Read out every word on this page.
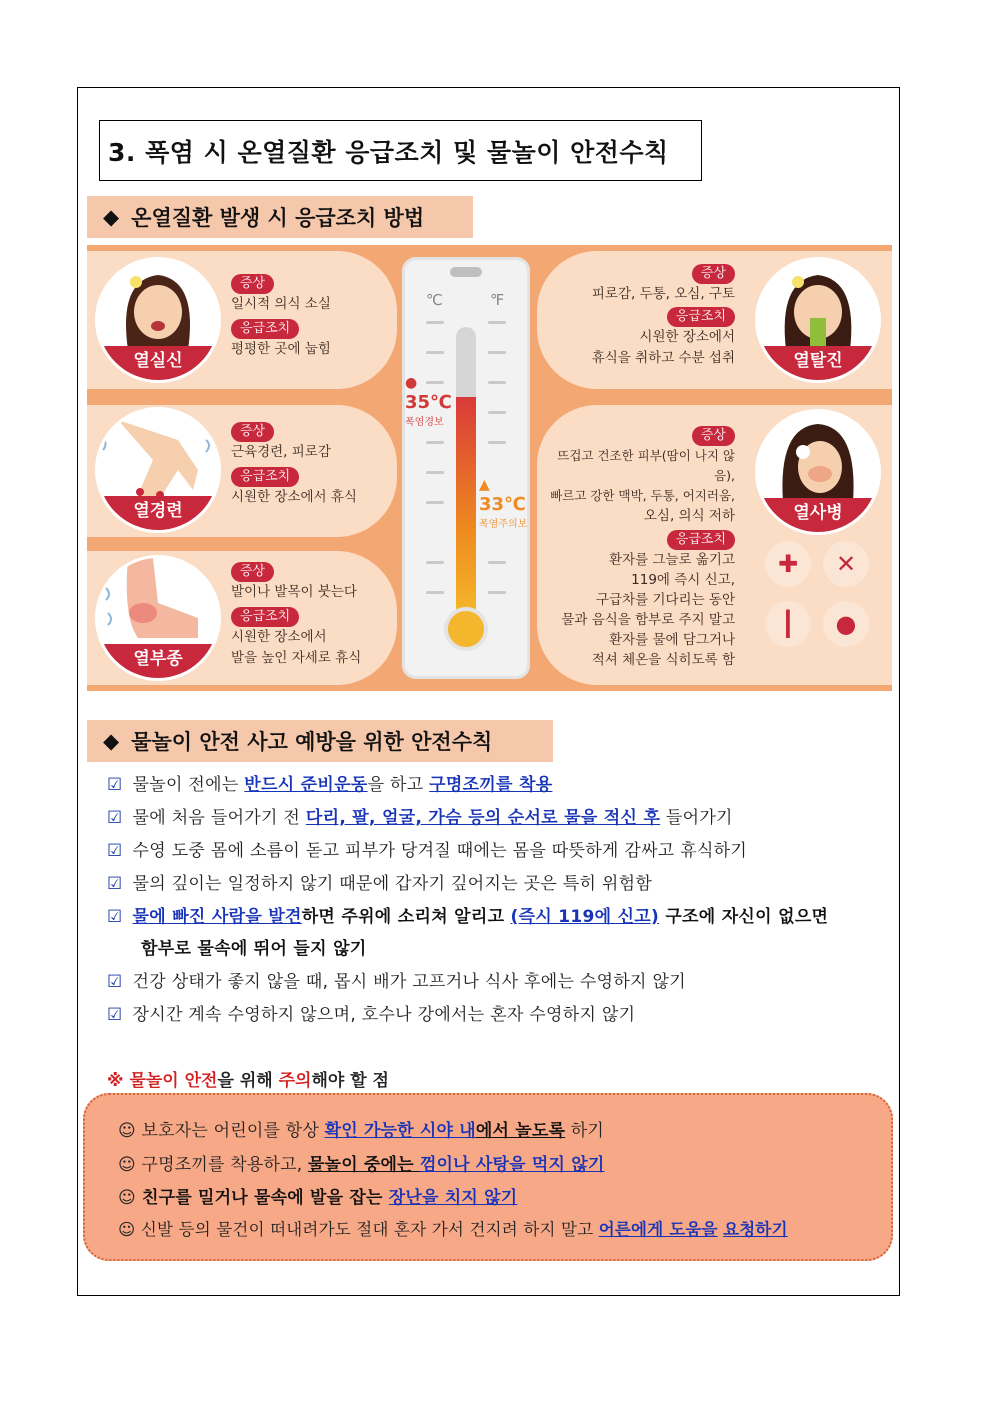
3. 폭염 시 온열질환 응급조치 및 물놀이 안전수칙
◆ 온열질환 발생 시 응급조치 방법
열실신
열경련
열부종
증상
일시적 의식 소실
응급조치
평평한 곳에 눕힘
증상
근육경련, 피로감
응급조치
시원한 장소에서 휴식
증상
발이나 발목이 붓는다
응급조치
시원한 장소에서
발을 높인 자세로 휴식
℃	℉
●
35℃
폭염경보
▲
33℃
폭염주의보
열탈진
열사병
증상
피로감, 두통, 오심, 구토
응급조치
시원한 장소에서
휴식을 취하고 수분 섭취
증상
뜨겁고 건조한 피부(땀이 나지 않음),
빠르고 강한 맥박, 두통, 어지러움,
오심, 의식 저하
응급조치
환자를 그늘로 옮기고
119에 즉시 신고,
구급차를 기다리는 동안
물과 음식을 함부로 주지 말고
환자를 물에 담그거나
적셔 체온을 식히도록 함
✚	✕
┃	●
◆ 물놀이 안전 사고 예방을 위한 안전수칙
☑ 물놀이 전에는 반드시 준비운동을 하고 구명조끼를 착용
☑ 물에 처음 들어가기 전 다리, 팔, 얼굴, 가슴 등의 순서로 물을 적신 후 들어가기
☑ 수영 도중 몸에 소름이 돋고 피부가 당겨질 때에는 몸을 따뜻하게 감싸고 휴식하기
☑ 물의 깊이는 일정하지 않기 때문에 갑자기 깊어지는 곳은 특히 위험함
☑ 물에 빠진 사람을 발견하면 주위에 소리쳐 알리고 (즉시 119에 신고) 구조에 자신이 없으면
함부로 물속에 뛰어 들지 않기
☑ 건강 상태가 좋지 않을 때, 몹시 배가 고프거나 식사 후에는 수영하지 않기
☑ 장시간 계속 수영하지 않으며, 호수나 강에서는 혼자 수영하지 않기
※ 물놀이 안전을 위해 주의해야 할 점
☺ 보호자는 어린이를 항상 확인 가능한 시야 내에서 놀도록 하기
☺ 구명조끼를 착용하고, 물놀이 중에는 껌이나 사탕을 먹지 않기
☺ 친구를 밀거나 물속에 발을 잡는 장난을 치지 않기
☺ 신발 등의 물건이 떠내려가도 절대 혼자 가서 건지려 하지 말고 어른에게 도움을 요청하기
